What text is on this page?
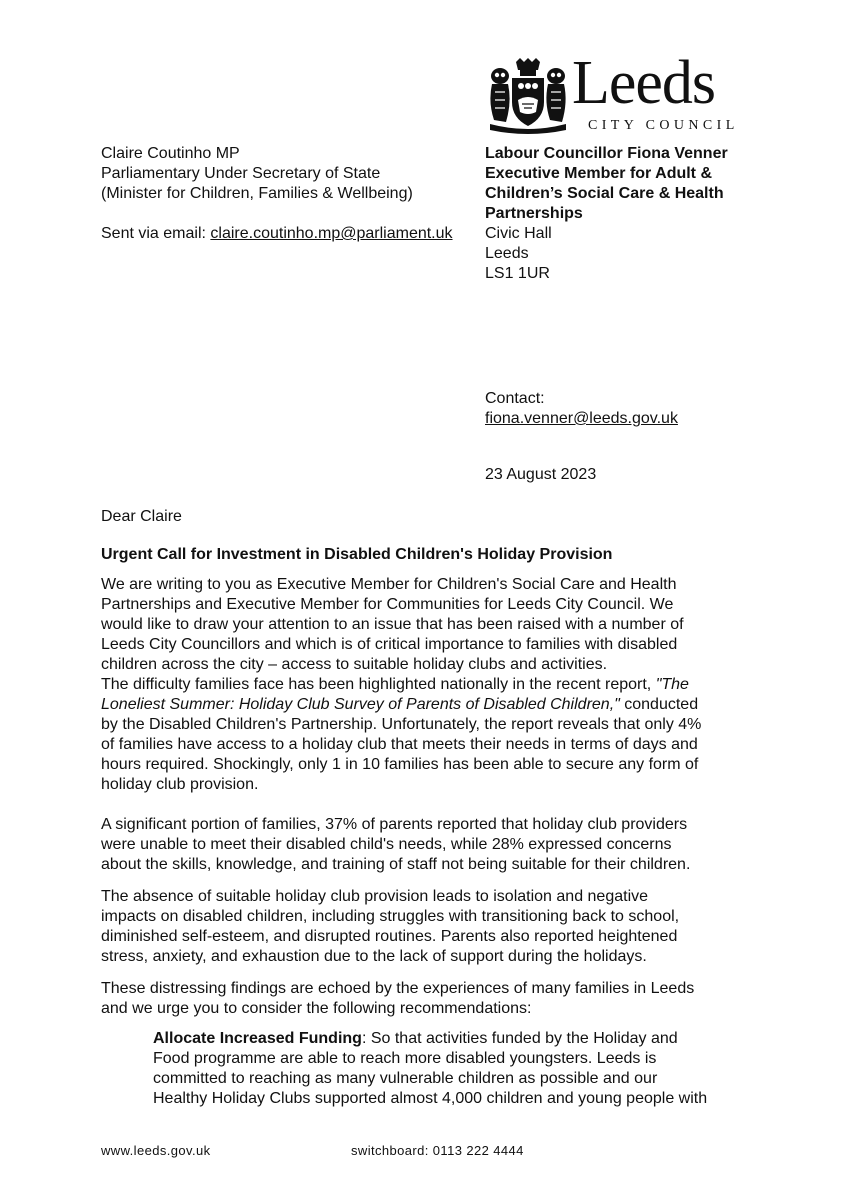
Leeds
CITY COUNCIL
Claire Coutinho MP
Parliamentary Under Secretary of State
(Minister for Children, Families & Wellbeing)
Sent via email: claire.coutinho.mp@parliament.uk
Labour Councillor Fiona Venner
Executive Member for Adult &
Children’s Social Care & Health
Partnerships
Civic Hall
Leeds
LS1 1UR
Contact:
fiona.venner@leeds.gov.uk
23 August 2023
Dear Claire
Urgent Call for Investment in Disabled Children's Holiday Provision
We are writing to you as Executive Member for Children's Social Care and Health
Partnerships and Executive Member for Communities for Leeds City Council. We
would like to draw your attention to an issue that has been raised with a number of
Leeds City Councillors and which is of critical importance to families with disabled
children across the city – access to suitable holiday clubs and activities.
The difficulty families face has been highlighted nationally in the recent report, "The
Loneliest Summer: Holiday Club Survey of Parents of Disabled Children," conducted
by the Disabled Children's Partnership. Unfortunately, the report reveals that only 4%
of families have access to a holiday club that meets their needs in terms of days and
hours required. Shockingly, only 1 in 10 families has been able to secure any form of
holiday club provision.
A significant portion of families, 37% of parents reported that holiday club providers
were unable to meet their disabled child's needs, while 28% expressed concerns
about the skills, knowledge, and training of staff not being suitable for their children.
The absence of suitable holiday club provision leads to isolation and negative
impacts on disabled children, including struggles with transitioning back to school,
diminished self-esteem, and disrupted routines. Parents also reported heightened
stress, anxiety, and exhaustion due to the lack of support during the holidays.
These distressing findings are echoed by the experiences of many families in Leeds
and we urge you to consider the following recommendations:
Allocate Increased Funding: So that activities funded by the Holiday and
Food programme are able to reach more disabled youngsters. Leeds is
committed to reaching as many vulnerable children as possible and our
Healthy Holiday Clubs supported almost 4,000 children and young people with
www.leeds.gov.uk	switchboard: 0113 222 4444
